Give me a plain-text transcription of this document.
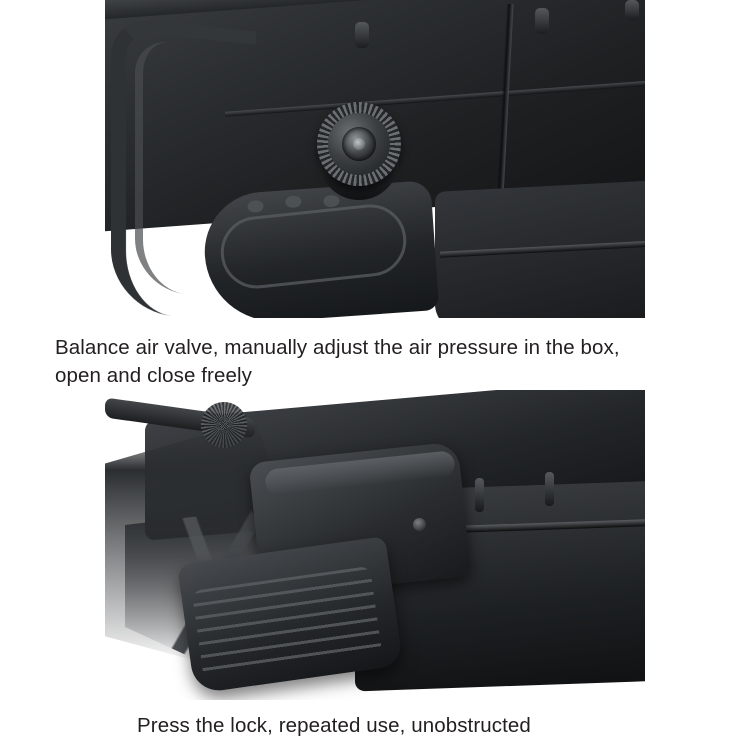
Balance air valve, manually adjust the air pressure in the box,
open and close freely
Press the lock, repeated use, unobstructed
